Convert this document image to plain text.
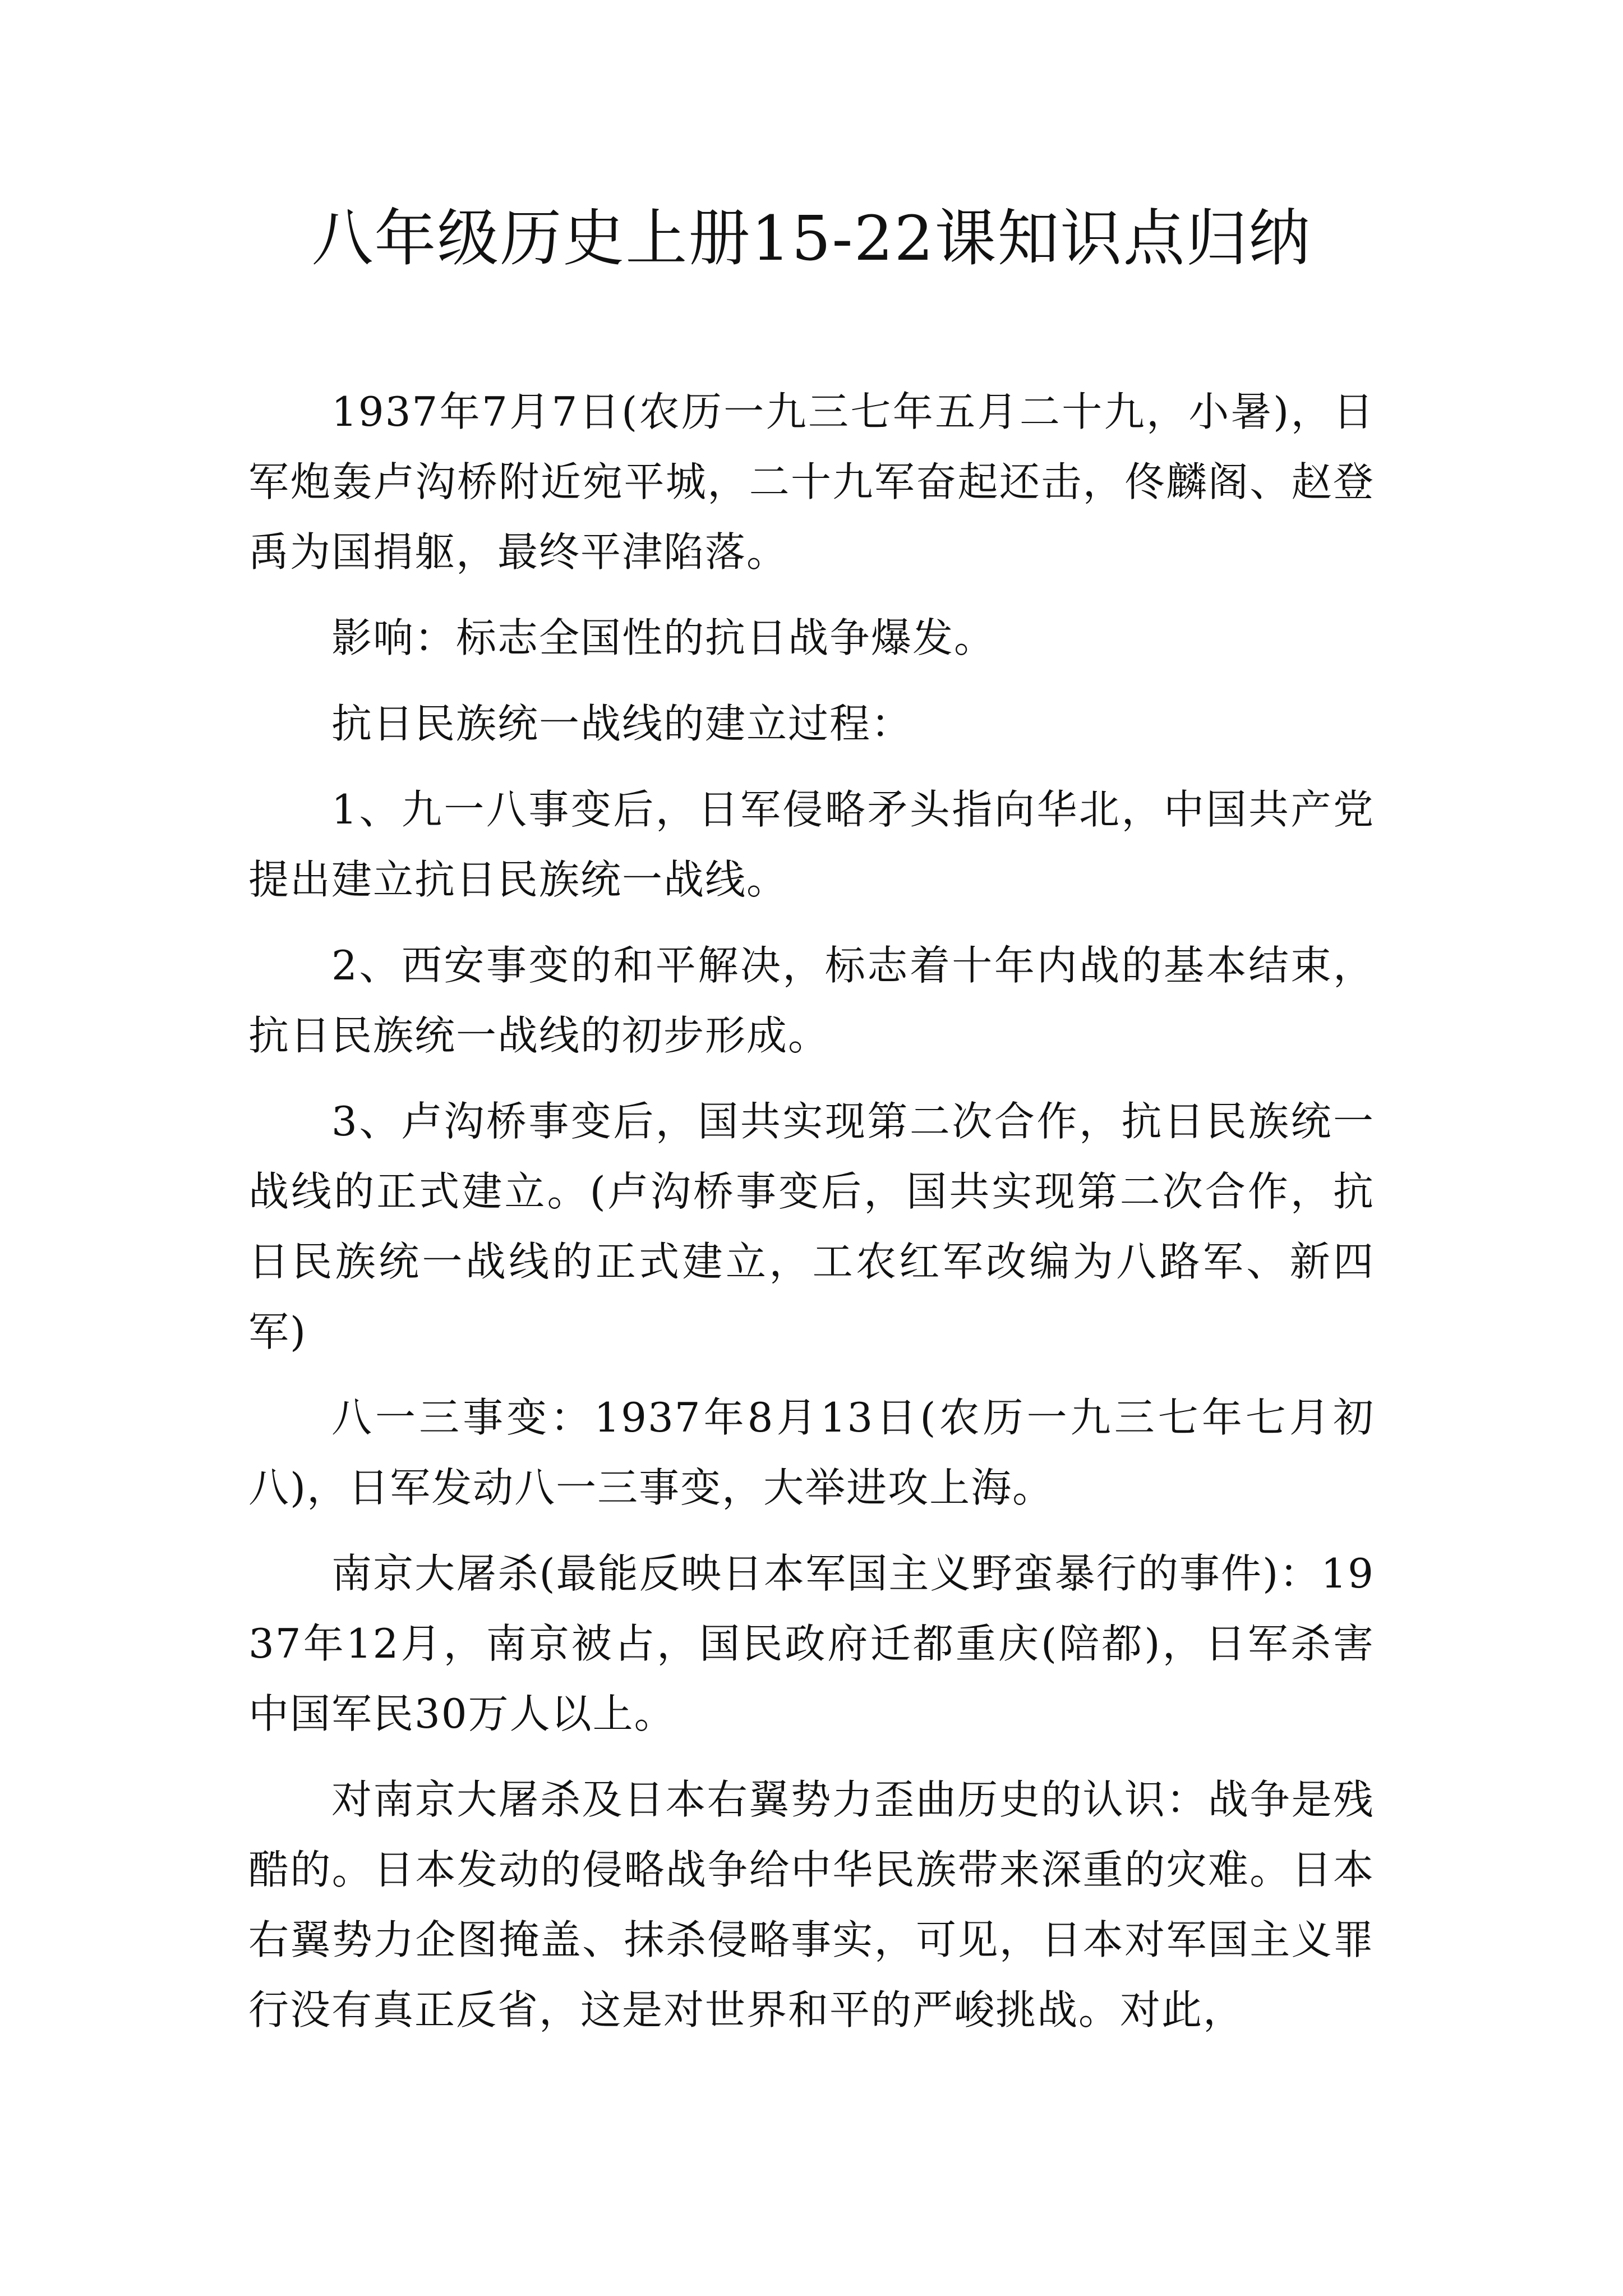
八年级历史上册15-22课知识点归纳

1937年7月7日(农历一九三七年五月二十九，小暑)，日军炮轰卢沟桥附近宛平城，二十九军奋起还击，佟麟阁、赵登禹为国捐躯，最终平津陷落。

影响：标志全国性的抗日战争爆发。

抗日民族统一战线的建立过程：

1、九一八事变后，日军侵略矛头指向华北，中国共产党提出建立抗日民族统一战线。

2、西安事变的和平解决，标志着十年内战的基本结束，抗日民族统一战线的初步形成。

3、卢沟桥事变后，国共实现第二次合作，抗日民族统一战线的正式建立。(卢沟桥事变后，国共实现第二次合作，抗日民族统一战线的正式建立，工农红军改编为八路军、新四军)

八一三事变：1937年8月13日(农历一九三七年七月初八)，日军发动八一三事变，大举进攻上海。

南京大屠杀(最能反映日本军国主义野蛮暴行的事件)：1937年12月，南京被占，国民政府迁都重庆(陪都)，日军杀害中国军民30万人以上。

对南京大屠杀及日本右翼势力歪曲历史的认识：战争是残酷的。日本发动的侵略战争给中华民族带来深重的灾难。日本右翼势力企图掩盖、抹杀侵略事实，可见，日本对军国主义罪行没有真正反省，这是对世界和平的严峻挑战。对此，
